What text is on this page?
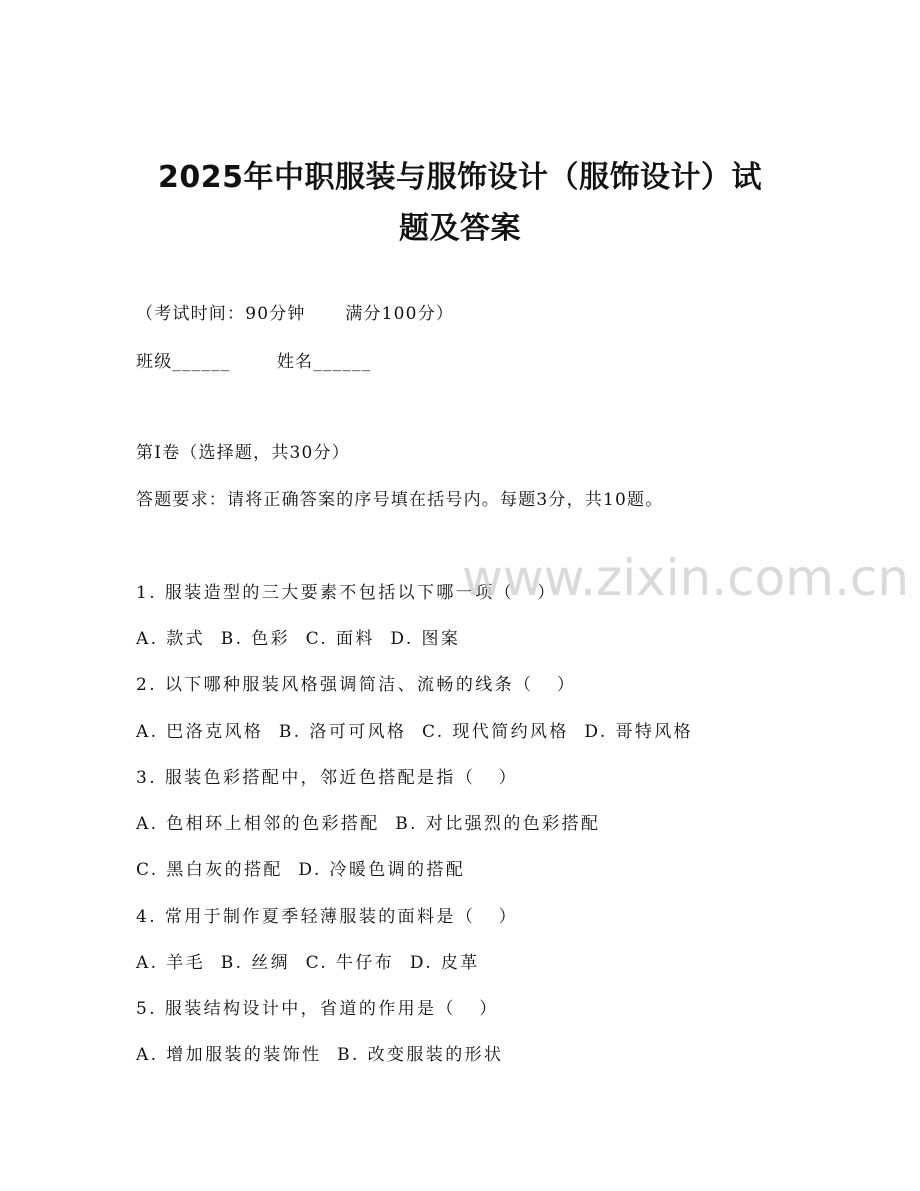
2025年中职服装与服饰设计（服饰设计）试
题及答案

（考试时间：90分钟      满分100分）

班级______       姓名______

第I卷（选择题，共30分）

答题要求：请将正确答案的序号填在括号内。每题3分，共10题。

1. 服装造型的三大要素不包括以下哪一项（   ）

A. 款式  B. 色彩  C. 面料  D. 图案

2. 以下哪种服装风格强调简洁、流畅的线条（   ）

A. 巴洛克风格  B. 洛可可风格  C. 现代简约风格  D. 哥特风格

3. 服装色彩搭配中，邻近色搭配是指（   ）

A. 色相环上相邻的色彩搭配  B. 对比强烈的色彩搭配

C. 黑白灰的搭配  D. 冷暖色调的搭配

4. 常用于制作夏季轻薄服装的面料是（   ）

A. 羊毛  B. 丝绸  C. 牛仔布  D. 皮革

5. 服装结构设计中，省道的作用是（   ）

A. 增加服装的装饰性  B. 改变服装的形状

www.zixin.com.cn
